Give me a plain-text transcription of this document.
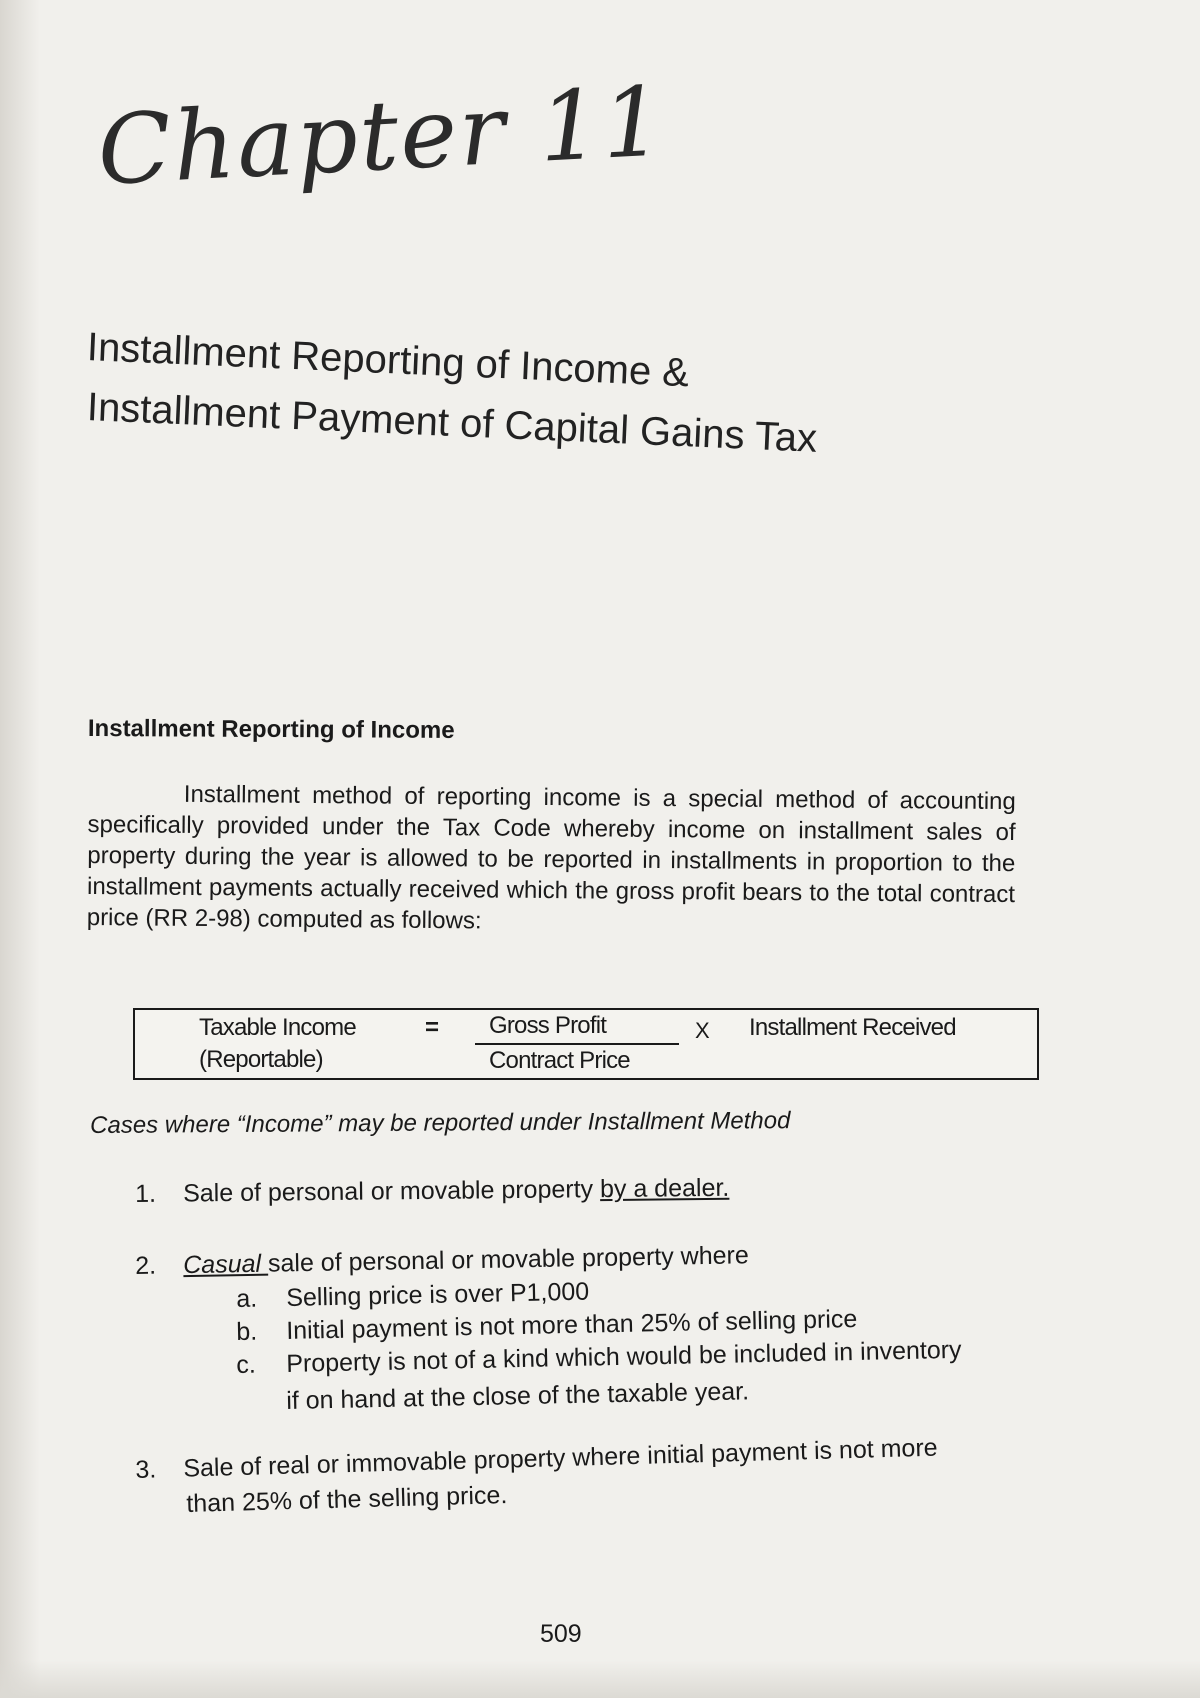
Chapter 11
Installment Reporting of Income &
Installment Payment of Capital Gains Tax
Installment Reporting of Income

Installment method of reporting income is a special method of accounting specifically provided under the Tax Code whereby income on installment sales of property during the year is allowed to be reported in installments in proportion to the installment payments actually received which the gross profit bears to the total contract price (RR 2-98) computed as follows:

Taxable Income
(Reportable)
= Gross Profit
Contract Price
X Installment Received
Cases where “Income” may be reported under Installment Method
1. Sale of personal or movable property by a dealer.
2. Casual sale of personal or movable property where
a. Selling price is over P1,000
b. Initial payment is not more than 25% of selling price
c. Property is not of a kind which would be included in inventory
if on hand at the close of the taxable year.
3. Sale of real or immovable property where initial payment is not more
than 25% of the selling price.
509
